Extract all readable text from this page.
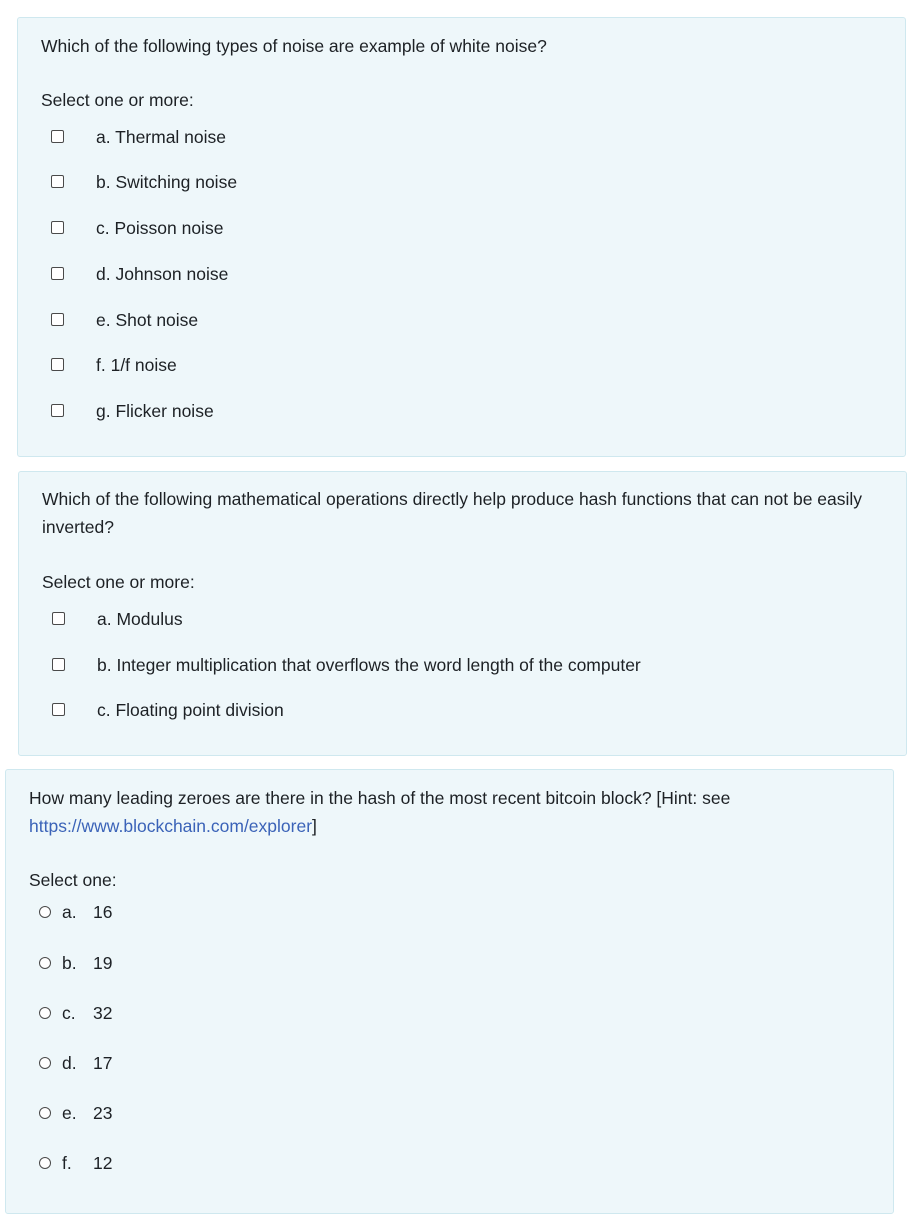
Which of the following types of noise are example of white noise?

Select one or more:

a. Thermal noise
b. Switching noise
c. Poisson noise
d. Johnson noise
e. Shot noise
f. 1/f noise
g. Flicker noise

Which of the following mathematical operations directly help produce hash functions that can not be easily inverted?

Select one or more:

a. Modulus
b. Integer multiplication that overflows the word length of the computer
c. Floating point division

How many leading zeroes are there in the hash of the most recent bitcoin block? [Hint: see https://www.blockchain.com/explorer]

Select one:

a. 16
b. 19
c. 32
d. 17
e. 23
f. 12
